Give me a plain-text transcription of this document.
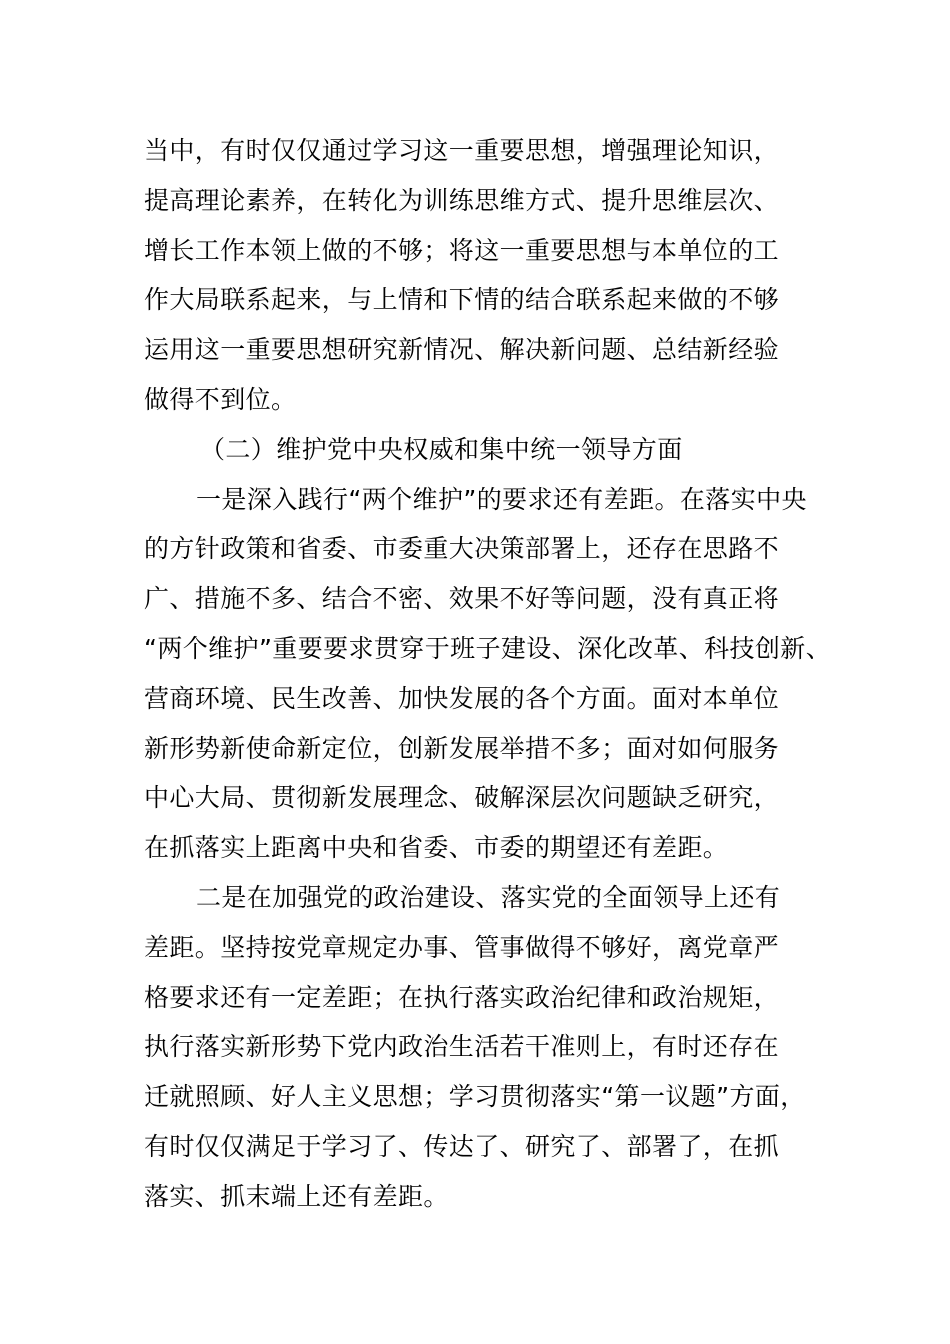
当中，有时仅仅通过学习这一重要思想，增强理论知识，
提高理论素养，在转化为训练思维方式、提升思维层次、
增长工作本领上做的不够；将这一重要思想与本单位的工
作大局联系起来，与上情和下情的结合联系起来做的不够
运用这一重要思想研究新情况、解决新问题、总结新经验
做得不到位。
（二）维护党中央权威和集中统一领导方面
一是深入践行“两个维护”的要求还有差距。在落实中央
的方针政策和省委、市委重大决策部署上，还存在思路不
广、措施不多、结合不密、效果不好等问题，没有真正将
“两个维护”重要要求贯穿于班子建设、深化改革、科技创新、
营商环境、民生改善、加快发展的各个方面。面对本单位
新形势新使命新定位，创新发展举措不多；面对如何服务
中心大局、贯彻新发展理念、破解深层次问题缺乏研究，
在抓落实上距离中央和省委、市委的期望还有差距。
二是在加强党的政治建设、落实党的全面领导上还有
差距。坚持按党章规定办事、管事做得不够好，离党章严
格要求还有一定差距；在执行落实政治纪律和政治规矩，
执行落实新形势下党内政治生活若干准则上，有时还存在
迁就照顾、好人主义思想；学习贯彻落实“第一议题”方面，
有时仅仅满足于学习了、传达了、研究了、部署了，在抓
落实、抓末端上还有差距。
